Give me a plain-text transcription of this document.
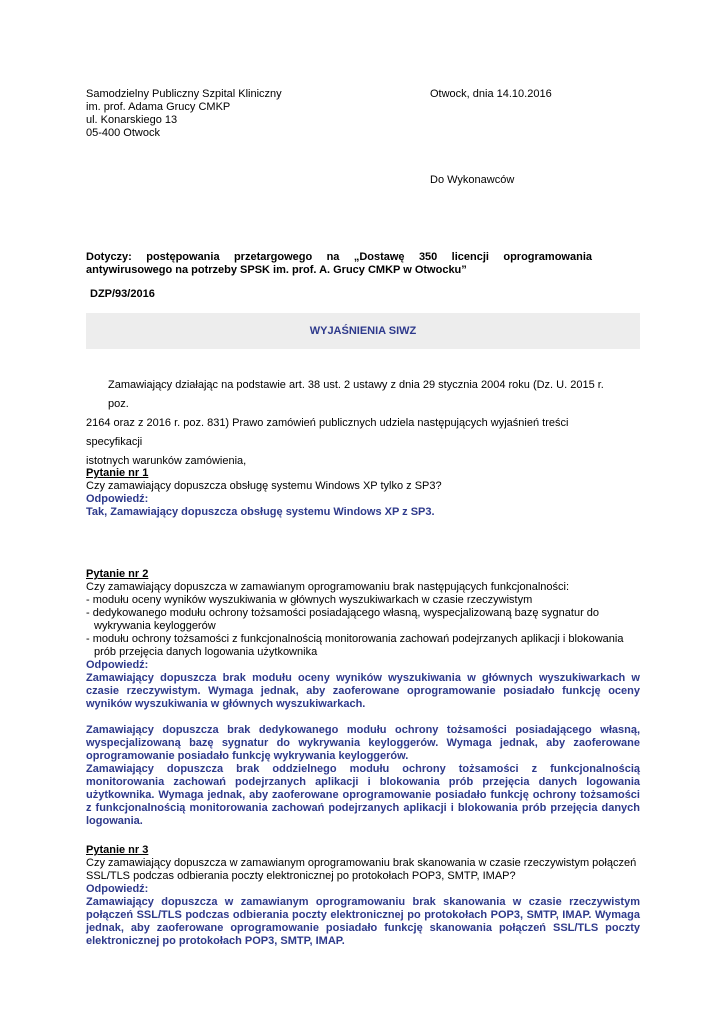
Samodzielny Publiczny Szpital Kliniczny
im. prof. Adama Grucy CMKP
ul. Konarskiego 13
05-400 Otwock
Otwock, dnia 14.10.2016
Do Wykonawców
Dotyczy: postępowania przetargowego na „Dostawę 350 licencji oprogramowania
antywirusowego na potrzeby SPSK im. prof. A. Grucy CMKP w Otwocku”
DZP/93/2016
WYJAŚNIENIA SIWZ
Zamawiający działając na podstawie art. 38 ust. 2 ustawy z dnia 29 stycznia 2004 roku (Dz. U. 2015 r. poz.
2164 oraz z 2016 r. poz. 831) Prawo zamówień publicznych udziela następujących wyjaśnień treści specyfikacji
istotnych warunków zamówienia,
Pytanie nr 1
Czy zamawiający dopuszcza obsługę systemu Windows XP tylko z SP3?
Odpowiedź:
Tak, Zamawiający dopuszcza obsługę systemu Windows XP z SP3.
Pytanie nr 2
Czy zamawiający dopuszcza w zamawianym oprogramowaniu brak następujących funkcjonalności:
- modułu oceny wyników wyszukiwania w głównych wyszukiwarkach w czasie rzeczywistym
- dedykowanego modułu ochrony tożsamości posiadającego własną, wyspecjalizowaną bazę sygnatur do
wykrywania keyloggerów
- modułu ochrony tożsamości z funkcjonalnością monitorowania zachowań podejrzanych aplikacji i blokowania
prób przejęcia danych logowania użytkownika
Odpowiedź:
Zamawiający dopuszcza brak modułu oceny wyników wyszukiwania w głównych wyszukiwarkach w
czasie rzeczywistym. Wymaga jednak, aby zaoferowane oprogramowanie posiadało funkcję oceny
wyników wyszukiwania w głównych wyszukiwarkach.
Zamawiający dopuszcza brak dedykowanego modułu ochrony tożsamości posiadającego własną,
wyspecjalizowaną bazę sygnatur do wykrywania keyloggerów. Wymaga jednak, aby zaoferowane
oprogramowanie posiadało funkcję wykrywania keyloggerów.
Zamawiający dopuszcza brak oddzielnego modułu ochrony tożsamości z funkcjonalnością
monitorowania zachowań podejrzanych aplikacji i blokowania prób przejęcia danych logowania
użytkownika. Wymaga jednak, aby zaoferowane oprogramowanie posiadało funkcję ochrony tożsamości
z funkcjonalnością monitorowania zachowań podejrzanych aplikacji i blokowania prób przejęcia danych
logowania.
Pytanie nr 3
Czy zamawiający dopuszcza w zamawianym oprogramowaniu brak skanowania w czasie rzeczywistym połączeń
SSL/TLS podczas odbierania poczty elektronicznej po protokołach POP3, SMTP, IMAP?
Odpowiedź:
Zamawiający dopuszcza w zamawianym oprogramowaniu brak skanowania w czasie rzeczywistym
połączeń SSL/TLS podczas odbierania poczty elektronicznej po protokołach POP3, SMTP, IMAP. Wymaga
jednak, aby zaoferowane oprogramowanie posiadało funkcję skanowania połączeń SSL/TLS poczty
elektronicznej po protokołach POP3, SMTP, IMAP.
